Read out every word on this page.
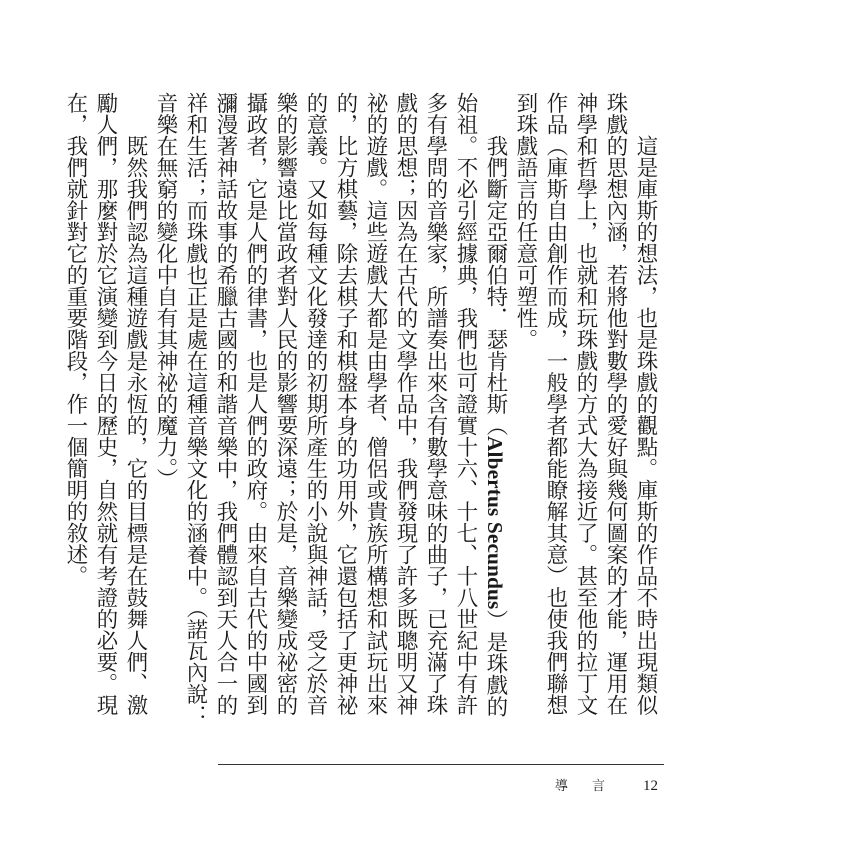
這是庫斯的想法，也是珠戲的觀點。庫斯的作品不時出現類似珠戲的思想內涵，若將他對數學的愛好與幾何圖案的才能，運用在神學和哲學上，也就和玩珠戲的方式大為接近了。甚至他的拉丁文作品（庫斯自由創作而成，一般學者都能瞭解其意）也使我們聯想到珠戲語言的任意可塑性。

我們斷定亞爾伯特．瑟肯杜斯（Albertus Secundus）是珠戲的始祖。不必引經據典，我們也可證實十六、十七、十八世紀中有許多有學問的音樂家，所譜奏出來含有數學意味的曲子，已充滿了珠戲的思想；因為在古代的文學作品中，我們發現了許多既聰明又神祕的遊戲。這些遊戲大都是由學者、僧侶或貴族所構想和試玩出來的，比方棋藝，除去棋子和棋盤本身的功用外，它還包括了更神祕的意義。又如每種文化發達的初期所產生的小說與神話，受之於音樂的影響遠比當政者對人民的影響要深遠；於是，音樂變成祕密的攝政者，它是人們的律書，也是人們的政府。由來自古代的中國到瀰漫著神話故事的希臘古國的和諧音樂中，我們體認到天人合一的祥和生活；而珠戲也正是處在這種音樂文化的涵養中。（諾瓦內說：音樂在無窮的變化中自有其神祕的魔力。）

既然我們認為這種遊戲是永恆的，它的目標是在鼓舞人們、激勵人們，那麼對於它演變到今日的歷史，自然就有考證的必要。現在，我們就針對它的重要階段，作一個簡明的敘述。

導 言 12
